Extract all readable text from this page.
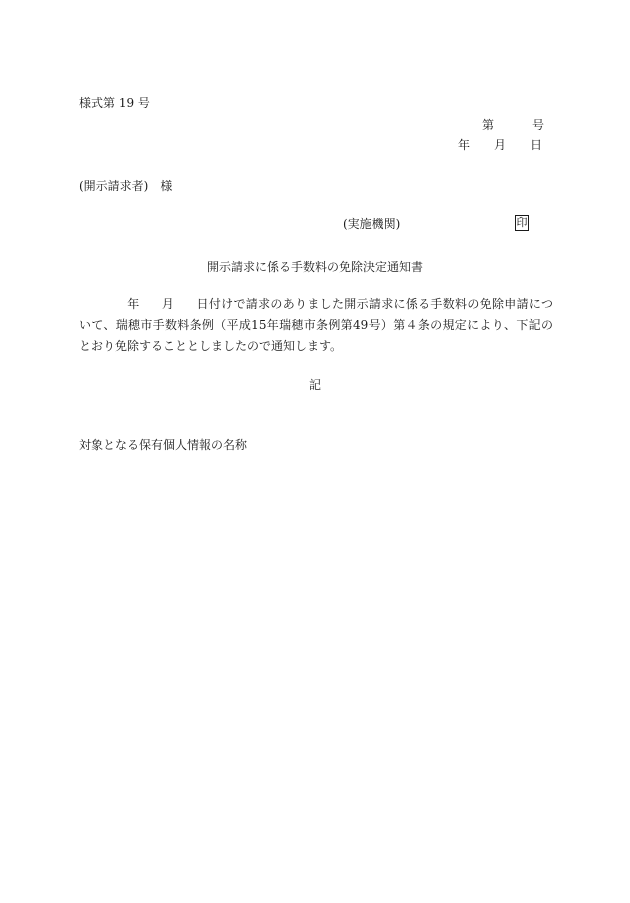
様式第 19 号
第	号
年 月 日
(開示請求者) 様
(実施機関)	印
開示請求に係る手数料の免除決定通知書
年 月 日付けで請求のありました開示請求に係る手数料の免除申請について、瑞穂市手数料条例（平成15年瑞穂市条例第49号）第４条の規定により、下記のとおり免除することとしましたので通知します。
記
対象となる保有個人情報の名称
